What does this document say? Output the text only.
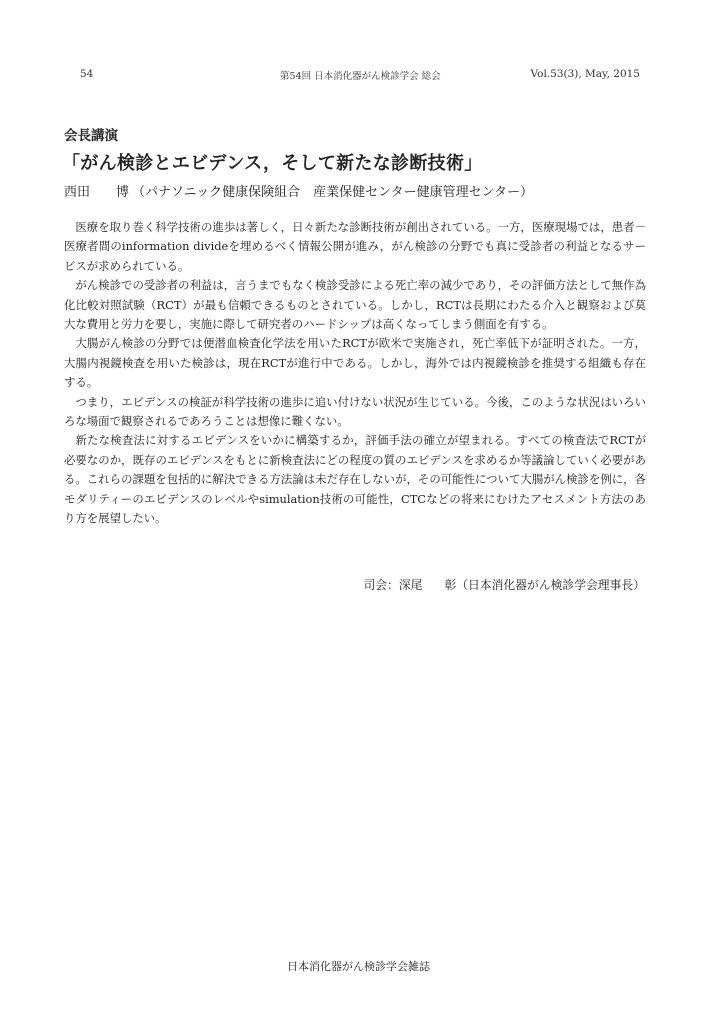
54	第54回 日本消化器がん検診学会 総会	Vol.53(3), May, 2015
会長講演
「がん検診とエビデンス，そして新たな診断技術」
西田　　博 （パナソニック健康保険組合　産業保健センター健康管理センター）

医療を取り巻く科学技術の進歩は著しく，日々新たな診断技術が創出されている。一方，医療現場では，患者－医療者間のinformation divideを埋めるべく情報公開が進み，がん検診の分野でも真に受診者の利益となるサービスが求められている。

がん検診での受診者の利益は，言うまでもなく検診受診による死亡率の減少であり，その評価方法として無作為化比較対照試験（RCT）が最も信頼できるものとされている。しかし，RCTは長期にわたる介入と観察および莫大な費用と労力を要し，実施に際して研究者のハードシップは高くなってしまう側面を有する。

大腸がん検診の分野では便潜血検査化学法を用いたRCTが欧米で実施され，死亡率低下が証明された。一方，大腸内視鏡検査を用いた検診は，現在RCTが進行中である。しかし，海外では内視鏡検診を推奨する組織も存在する。

つまり，エビデンスの検証が科学技術の進歩に追い付けない状況が生じている。今後，このような状況はいろいろな場面で観察されるであろうことは想像に難くない。

新たな検査法に対するエビデンスをいかに構築するか，評価手法の確立が望まれる。すべての検査法でRCTが必要なのか，既存のエビデンスをもとに新検査法にどの程度の質のエビデンスを求めるか等議論していく必要がある。これらの課題を包括的に解決できる方法論は未だ存在しないが，その可能性について大腸がん検診を例に，各モダリティーのエビデンスのレベルやsimulation技術の可能性，CTCなどの将来にむけたアセスメント方法のあり方を展望したい。

司会：深尾 彰（日本消化器がん検診学会理事長）
日本消化器がん検診学会雑誌
